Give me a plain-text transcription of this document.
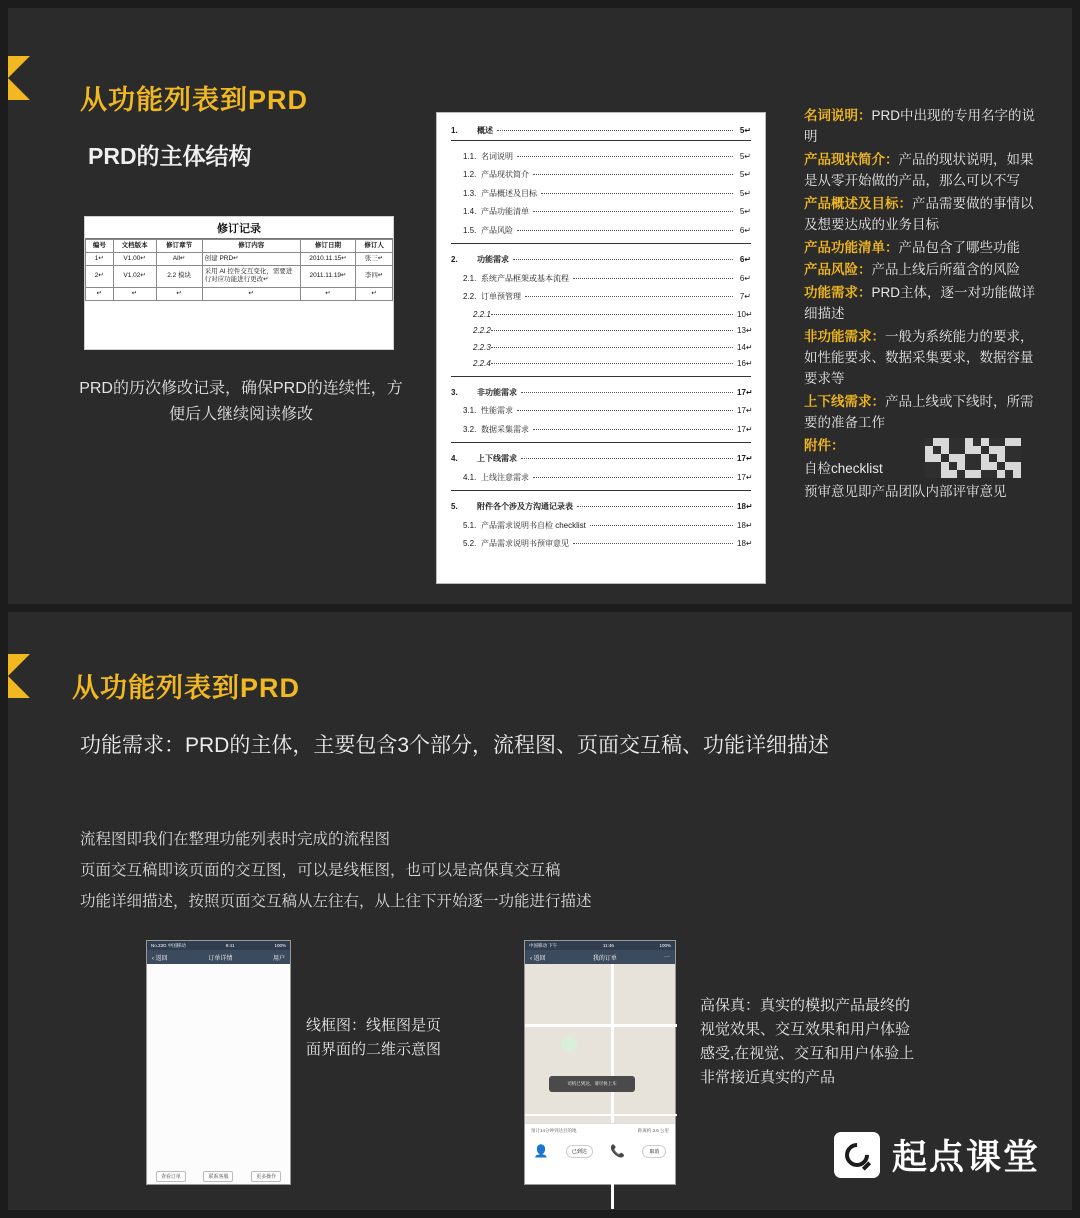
从功能列表到PRD
PRD的主体结构
修订记录
编号	文档版本	修订章节	修订内容	修订日期	修订人
1↵	V1.00↵	All↵	创建 PRD↵	2010.11.15↵	张三↵
2↵	V1.02↵	2.2 模块	采用 AI 控件交互变化，需要进行对应功能进行更改↵	2011.11.19↵	李四↵
↵	↵	↵	↵	↵	↵
PRD的历次修改记录，确保PRD的连续性，方便后人继续阅读修改
1.	概述	5↵
1.1. 名词说明	5↵
1.2. 产品现状简介	5↵
1.3. 产品概述及目标	5↵
1.4. 产品功能清单	5↵
1.5. 产品风险	6↵
2.	功能需求	6↵
2.1. 系统产品框架或基本流程	6↵
2.2. 订单预管理	7↵
2.2.1	10↵
2.2.2	13↵
2.2.3	14↵
2.2.4	16↵
3.	非功能需求	17↵
3.1. 性能需求	17↵
3.2. 数据采集需求	17↵
4.	上下线需求	17↵
4.1. 上线注意需求	17↵
5.	附件各个涉及方沟通记录表	18↵
5.1. 产品需求说明书自检 checklist	18↵
5.2. 产品需求说明书预审意见	18↵

名词说明：PRD中出现的专用名字的说明

产品现状简介：产品的现状说明，如果是从零开始做的产品，那么可以不写

产品概述及目标：产品需要做的事情以及想要达成的业务目标

产品功能清单：产品包含了哪些功能

产品风险：产品上线后所蕴含的风险

功能需求：PRD主体，逐一对功能做详细描述

非功能需求：一般为系统能力的要求，如性能要求、数据采集要求，数据容量要求等

上下线需求：产品上线或下线时，所需要的准备工作

附件：

自检checklist

预审意见即产品团队内部评审意见

从功能列表到PRD
功能需求：PRD的主体，主要包含3个部分，流程图、页面交互稿、功能详细描述
流程图即我们在整理功能列表时完成的流程图
页面交互稿即该页面的交互图，可以是线框图，也可以是高保真交互稿
功能详细描述，按照页面交互稿从左往右，从上往下开始逐一功能进行描述
No.23G 中国移动	9:41	100%
‹ 返回	订单详情	用户
查看订单	联系客服	更多操作
中国移动 下午	11:46	100%
‹ 返回	我的订单	···
司机已到达，请尽快上车
预计14分钟到达目的地	距离约 3.6 公里
👤	已到达	📞	取消
线框图：线框图是页面界面的二维示意图
高保真：真实的模拟产品最终的视觉效果、交互效果和用户体验感受,在视觉、交互和用户体验上非常接近真实的产品
起点课堂
